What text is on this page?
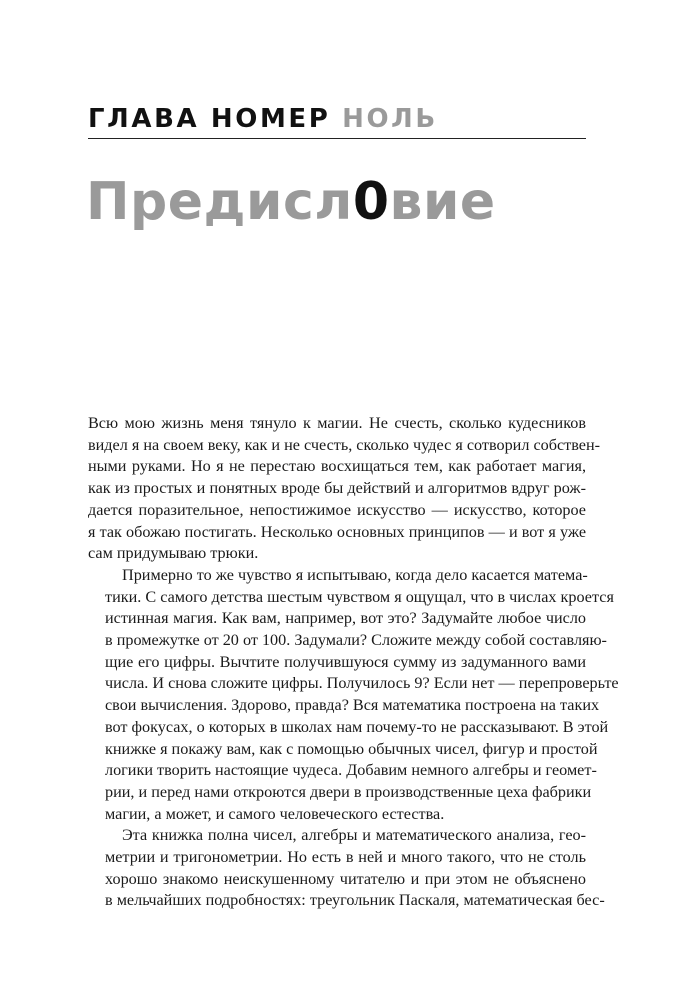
ГЛАВА НОМЕР НОЛЬ
Предисл0вие

Всю мою жизнь меня тянуло к магии. Не счесть, сколько кудесников
видел я на своем веку, как и не счесть, сколько чудес я сотворил собствен-
ными руками. Но я не перестаю восхищаться тем, как работает магия,
как из простых и понятных вроде бы действий и алгоритмов вдруг рож-
дается поразительное, непостижимое искусство — искусство, которое
я так обожаю постигать. Несколько основных принципов — и вот я уже
сам придумываю трюки.

Примерно то же чувство я испытываю, когда дело касается матема-
тики. С самого детства шестым чувством я ощущал, что в числах кроется
истинная магия. Как вам, например, вот это? Задумайте любое число
в промежутке от 20 от 100. Задумали? Сложите между собой составляю-
щие его цифры. Вычтите получившуюся сумму из задуманного вами
числа. И снова сложите цифры. Получилось 9? Если нет — перепроверьте
свои вычисления. Здорово, правда? Вся математика построена на таких
вот фокусах, о которых в школах нам почему-то не рассказывают. В этой
книжке я покажу вам, как с помощью обычных чисел, фигур и простой
логики творить настоящие чудеса. Добавим немного алгебры и геомет-
рии, и перед нами откроются двери в производственные цеха фабрики
магии, а может, и самого человеческого естества.

Эта книжка полна чисел, алгебры и математического анализа, гео-
метрии и тригонометрии. Но есть в ней и много такого, что не столь
хорошо знакомо неискушенному читателю и при этом не объяснено
в мельчайших подробностях: треугольник Паскаля, математическая бес-
